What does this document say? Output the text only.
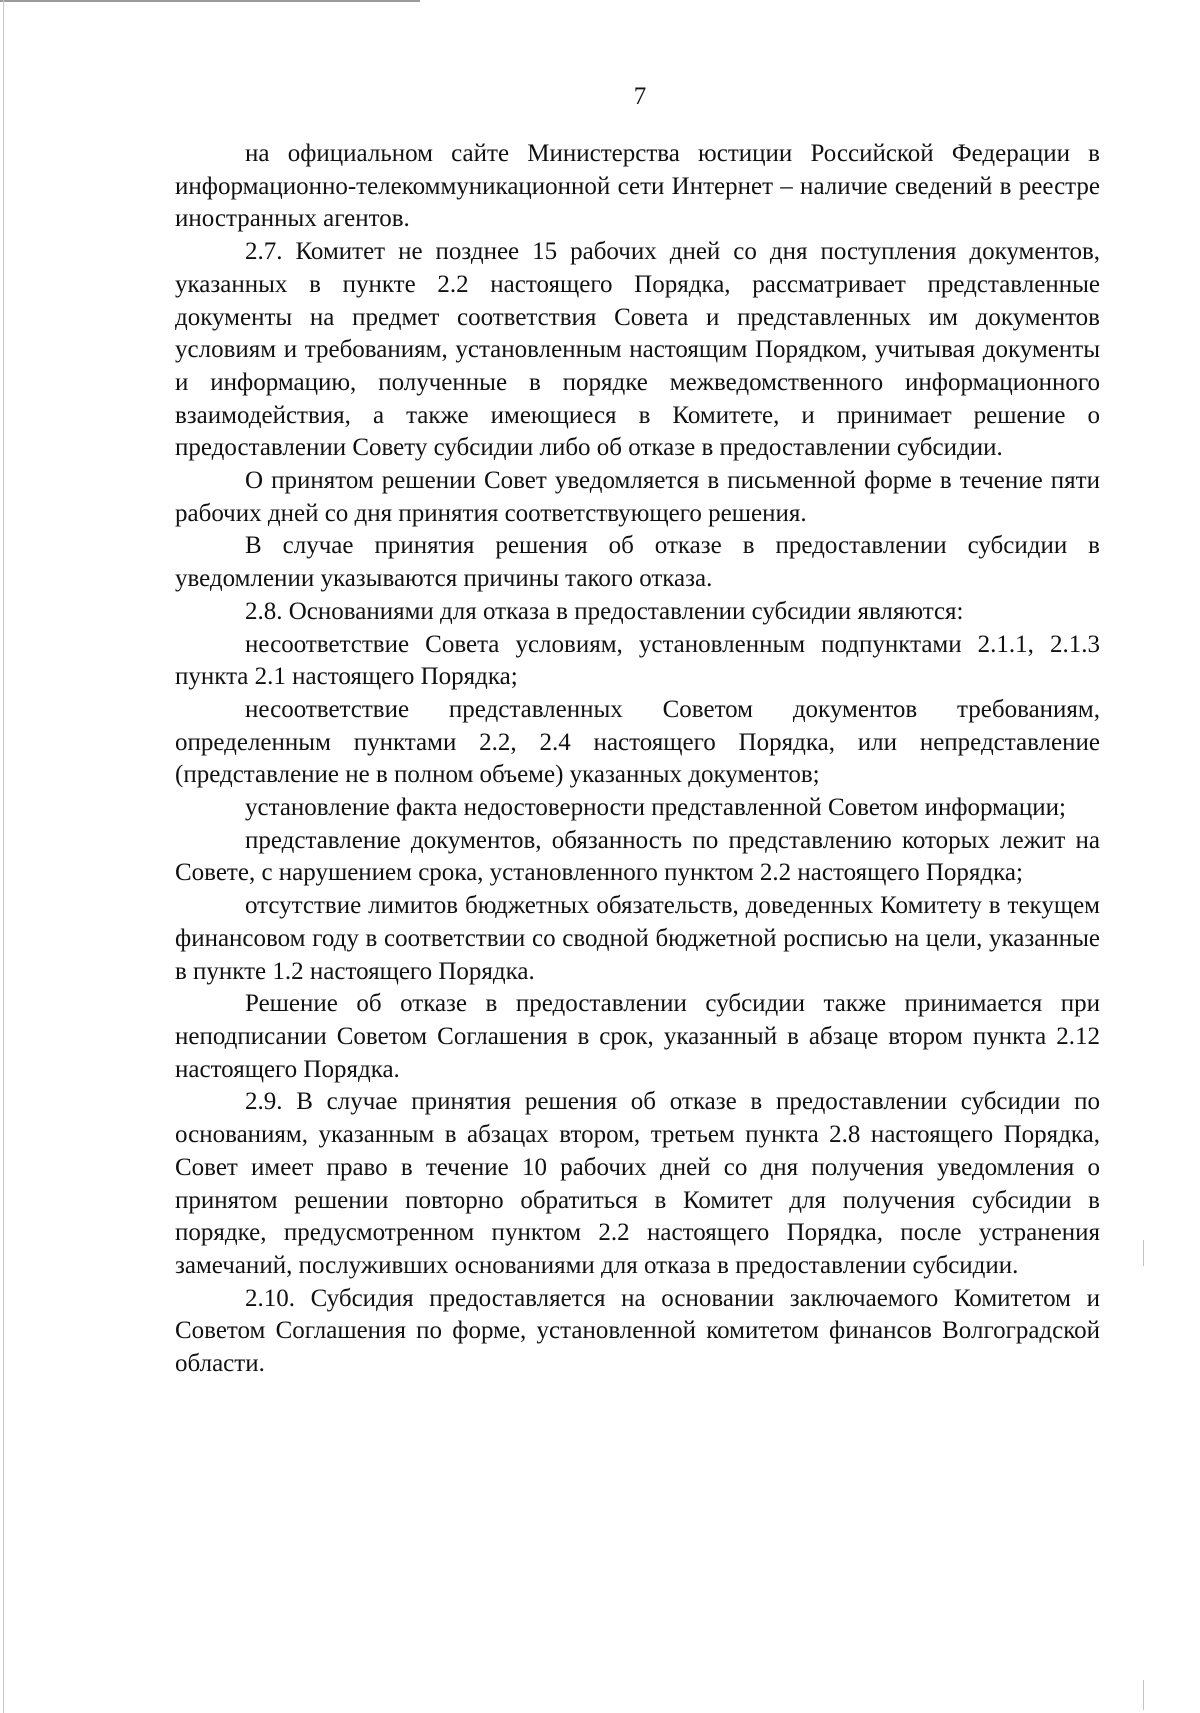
7

на официальном сайте Министерства юстиции Российской Федерации в информационно-телекоммуникационной сети Интернет – наличие сведений в реестре иностранных агентов.

2.7. Комитет не позднее 15 рабочих дней со дня поступления документов, указанных в пункте 2.2 настоящего Порядка, рассматривает представленные документы на предмет соответствия Совета и представленных им документов условиям и требованиям, установленным настоящим Порядком, учитывая документы и информацию, полученные в порядке межведомственного информационного взаимодействия, а также имеющиеся в Комитете, и принимает решение о предоставлении Совету субсидии либо об отказе в предоставлении субсидии.

О принятом решении Совет уведомляется в письменной форме в течение пяти рабочих дней со дня принятия соответствующего решения.

В случае принятия решения об отказе в предоставлении субсидии в уведомлении указываются причины такого отказа.

2.8. Основаниями для отказа в предоставлении субсидии являются:

несоответствие Совета условиям, установленным подпунктами 2.1.1, 2.1.3 пункта 2.1 настоящего Порядка;

несоответствие представленных Советом документов требованиям, определенным пунктами 2.2, 2.4 настоящего Порядка, или непредставление (представление не в полном объеме) указанных документов;

установление факта недостоверности представленной Советом информации;

представление документов, обязанность по представлению которых лежит на Совете, с нарушением срока, установленного пунктом 2.2 настоящего Порядка;

отсутствие лимитов бюджетных обязательств, доведенных Комитету в текущем финансовом году в соответствии со сводной бюджетной росписью на цели, указанные в пункте 1.2 настоящего Порядка.

Решение об отказе в предоставлении субсидии также принимается при неподписании Советом Соглашения в срок, указанный в абзаце втором пункта 2.12 настоящего Порядка.

2.9. В случае принятия решения об отказе в предоставлении субсидии по основаниям, указанным в абзацах втором, третьем пункта 2.8 настоящего Порядка, Совет имеет право в течение 10 рабочих дней со дня получения уведомления о принятом решении повторно обратиться в Комитет для получения субсидии в порядке, предусмотренном пунктом 2.2 настоящего Порядка, после устранения замечаний, послуживших основаниями для отказа в предоставлении субсидии.

2.10. Субсидия предоставляется на основании заключаемого Комитетом и Советом Соглашения по форме, установленной комитетом финансов Волгоградской области.
